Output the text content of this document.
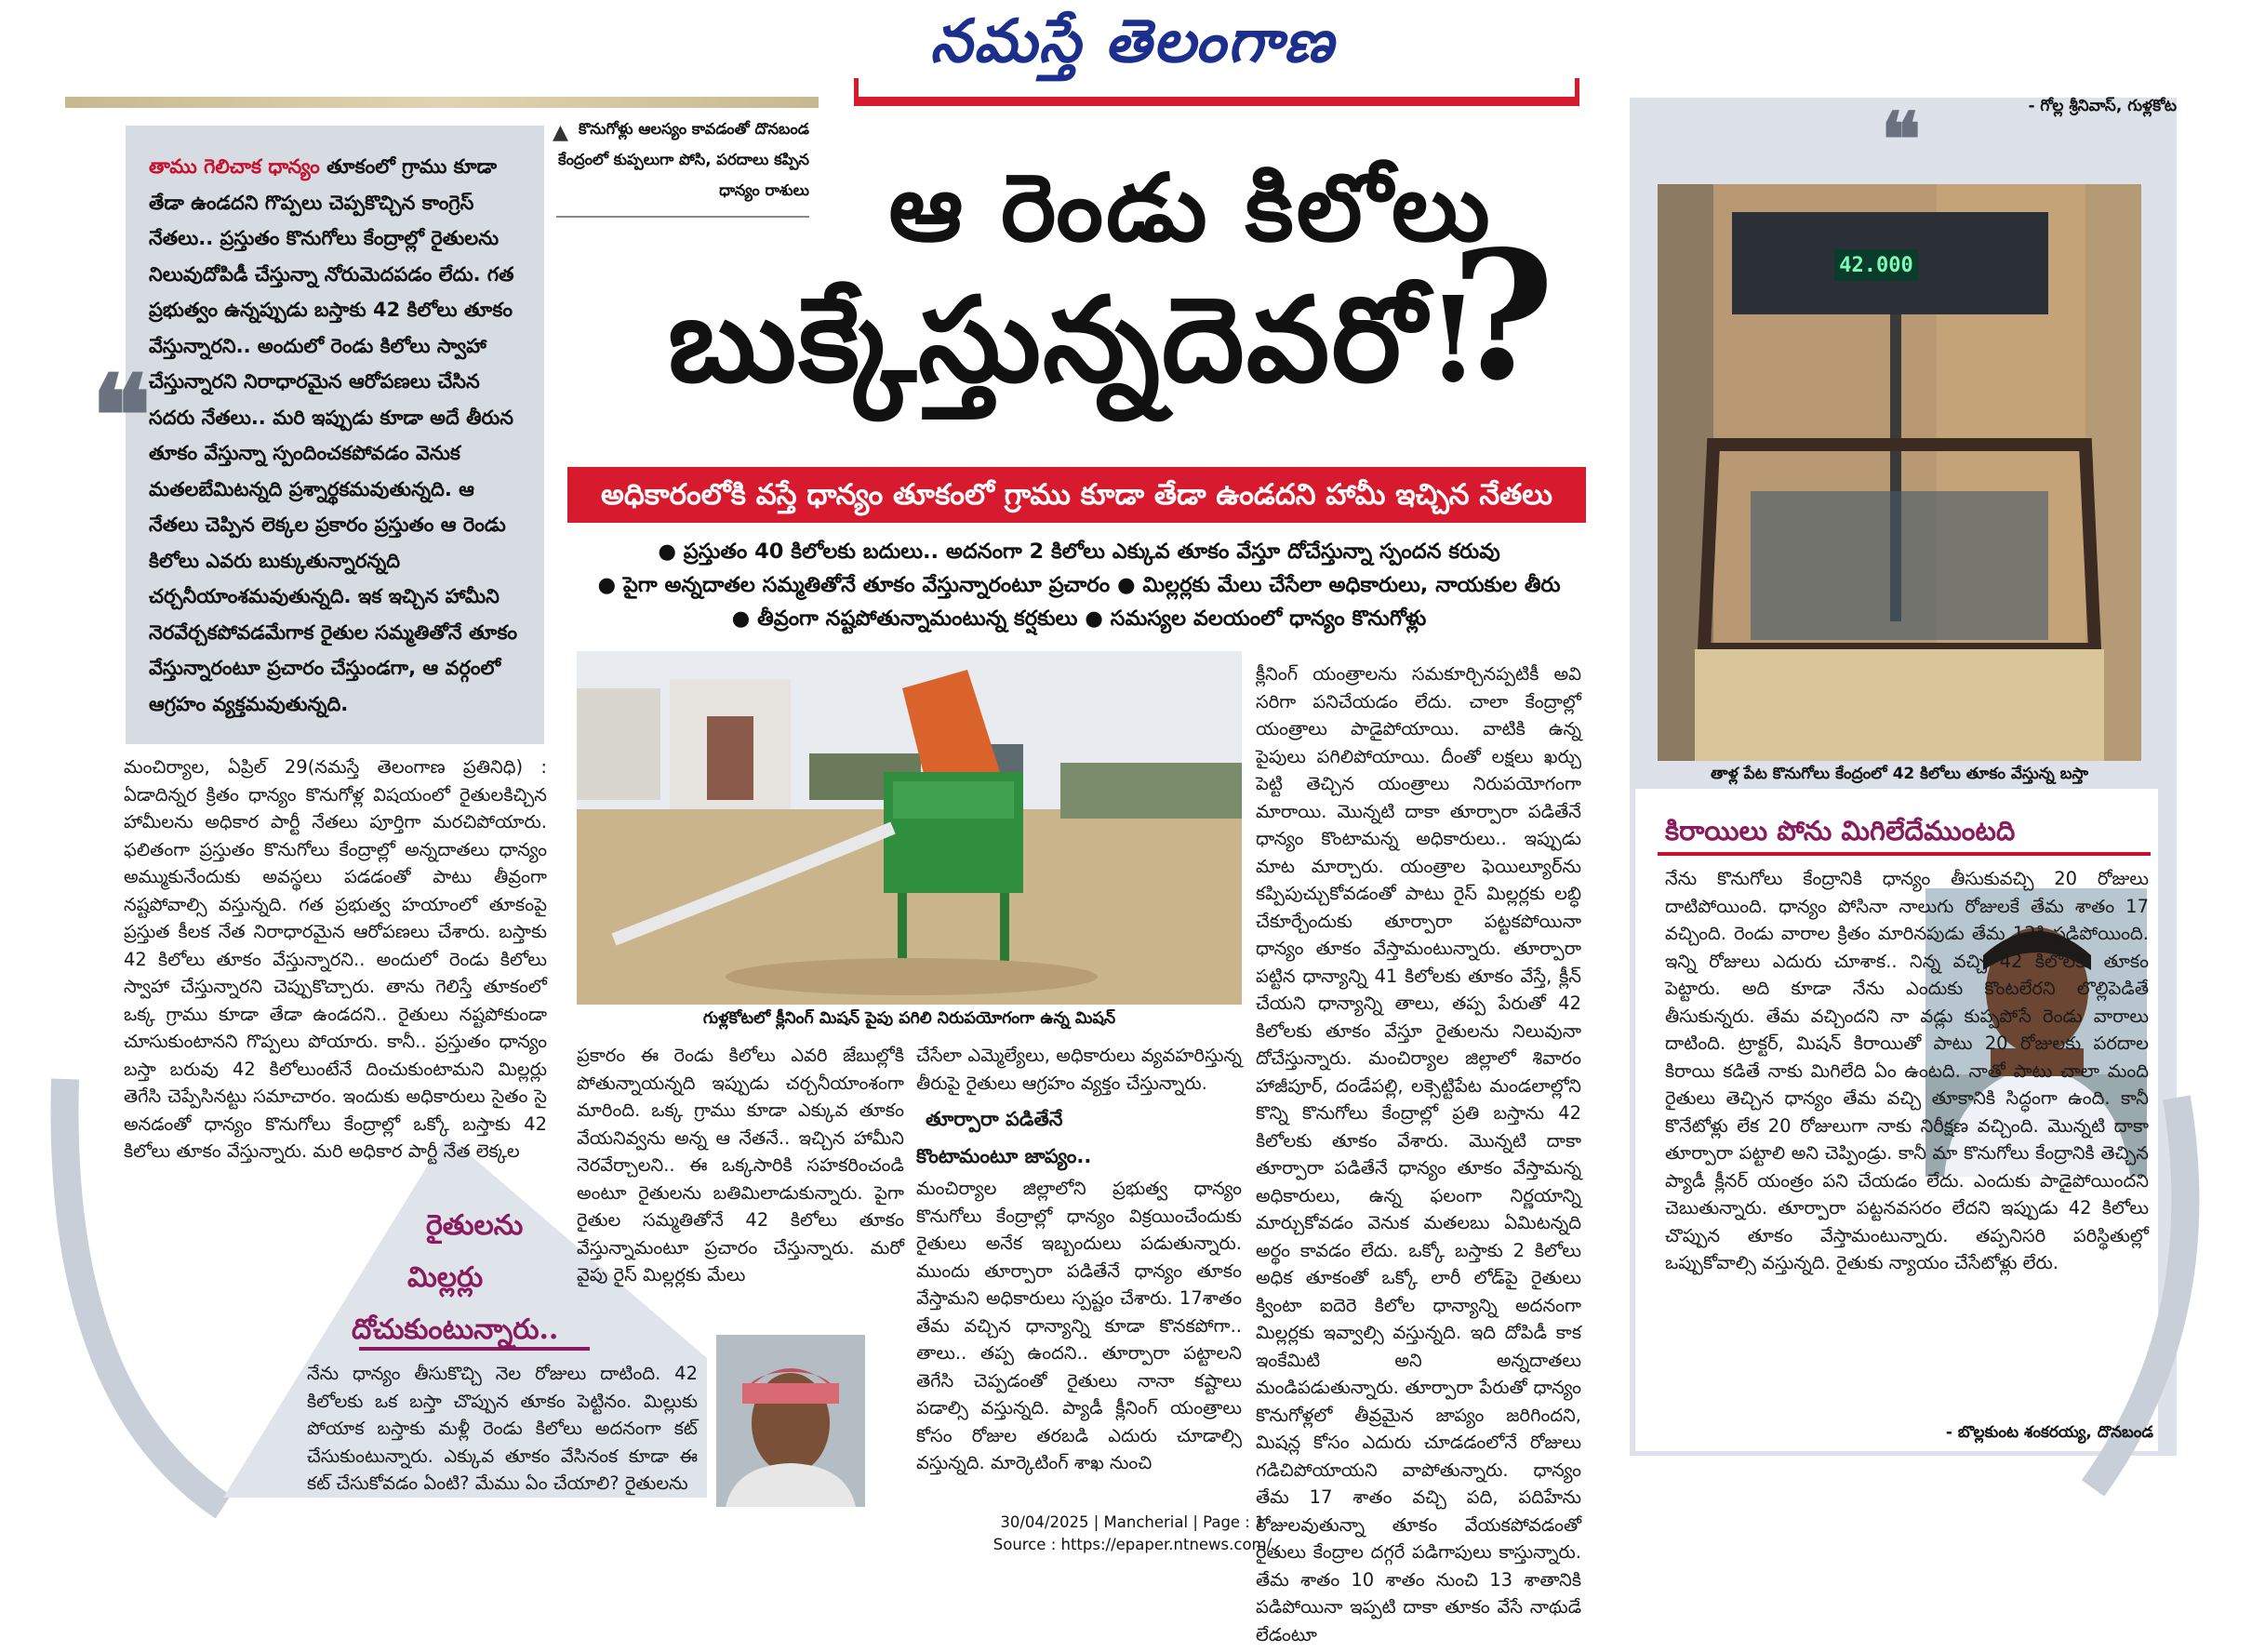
నమస్తే తెలంగాణ
తాము గెలిచాక ధాన్యం తూకంలో గ్రాము కూడా తేడా ఉండదని గొప్పలు చెప్పకొచ్చిన కాంగ్రెస్ నేతలు.. ప్రస్తుతం కొనుగోలు కేంద్రాల్లో రైతులను నిలువుదోపిడీ చేస్తున్నా నోరుమెదపడం లేదు. గత ప్రభుత్వం ఉన్నప్పుడు బస్తాకు 42 కిలోలు తూకం వేస్తున్నారని.. అందులో రెండు కిలోలు స్వాహా చేస్తున్నారని నిరాధారమైన ఆరోపణలు చేసిన సదరు నేతలు.. మరి ఇప్పుడు కూడా అదే తీరున తూకం వేస్తున్నా స్పందించకపోవడం వెనుక మతలబేమిటన్నది ప్రశ్నార్థకమవుతున్నది. ఆ నేతలు చెప్పిన లెక్కల ప్రకారం ప్రస్తుతం ఆ రెండు కిలోలు ఎవరు బుక్కుతున్నారన్నది చర్చనీయాంశమవుతున్నది. ఇక ఇచ్చిన హామీని నెరవేర్చకపోవడమేగాక రైతుల సమ్మతితోనే తూకం వేస్తున్నారంటూ ప్రచారం చేస్తుండగా, ఆ వర్గంలో ఆగ్రహం వ్యక్తమవుతున్నది.
❝
❝
▲ కొనుగోళ్లు ఆలస్యం కావడంతో దొనబండ కేంద్రంలో కుప్పలుగా పోసి, పరదాలు కప్పిన ధాన్యం రాశులు ఆ రెండు కిలోలు
బుక్కేస్తున్నదెవరో!
?
అధికారంలోకి వస్తే ధాన్యం తూకంలో గ్రాము కూడా తేడా ఉండదని హామీ ఇచ్చిన నేతలు
● ప్రస్తుతం 40 కిలోలకు బదులు.. అదనంగా 2 కిలోలు ఎక్కువ తూకం వేస్తూ దోచేస్తున్నా స్పందన కరువు
● పైగా అన్నదాతల సమ్మతితోనే తూకం వేస్తున్నారంటూ ప్రచారం ● మిల్లర్లకు మేలు చేసేలా అధికారులు, నాయకుల తీరు
● తీవ్రంగా నష్టపోతున్నామంటున్న కర్షకులు ● సమస్యల వలయంలో ధాన్యం కొనుగోళ్లు
గుళ్లకోటలో క్లీనింగ్ మిషన్ పైపు పగిలి నిరుపయోగంగా ఉన్న మిషన్

మంచిర్యాల, ఏప్రిల్ 29(నమస్తే తెలంగాణ ప్రతినిధి) : ఏడాదిన్నర క్రితం ధాన్యం కొనుగోళ్ల విషయంలో రైతులకిచ్చిన హామీలను అధికార పార్టీ నేతలు పూర్తిగా మరచిపోయారు. ఫలితంగా ప్రస్తుతం కొనుగోలు కేంద్రాల్లో అన్నదాతలు ధాన్యం అమ్ముకునేందుకు అవస్థలు పడడంతో పాటు తీవ్రంగా నష్టపోవాల్సి వస్తున్నది. గత ప్రభుత్వ హయాంలో తూకంపై ప్రస్తుత కీలక నేత నిరాధారమైన ఆరోపణలు చేశారు. బస్తాకు 42 కిలోలు తూకం వేస్తున్నారని.. అందులో రెండు కిలోలు స్వాహా చేస్తున్నారని చెప్పుకొచ్చారు. తాను గెలిస్తే తూకంలో ఒక్క గ్రాము కూడా తేడా ఉండదని.. రైతులు నష్టపోకుండా చూసుకుంటానని గొప్పలు పోయారు. కానీ.. ప్రస్తుతం ధాన్యం బస్తా బరువు 42 కిలోలుంటేనే దించుకుంటామని మిల్లర్లు తెగేసి చెప్పేసినట్టు సమాచారం. ఇందుకు అధికారులు సైతం సై అనడంతో ధాన్యం కొనుగోలు కేంద్రాల్లో ఒక్కో బస్తాకు 42 కిలోలు తూకం వేస్తున్నారు. మరి అధికార పార్టీ నేత లెక్కల

ప్రకారం ఈ రెండు కిలోలు ఎవరి జేబుల్లోకి పోతున్నాయన్నది ఇప్పుడు చర్చనీయాంశంగా మారింది. ఒక్క గ్రాము కూడా ఎక్కువ తూకం వేయనివ్వను అన్న ఆ నేతనే.. ఇచ్చిన హామీని నెరవేర్చాలని.. ఈ ఒక్కసారికి సహకరించండి అంటూ రైతులను బతిమిలాడుకున్నారు. పైగా రైతుల సమ్మతితోనే 42 కిలోలు తూకం వేస్తున్నామంటూ ప్రచారం చేస్తున్నారు. మరో వైపు రైస్ మిల్లర్లకు మేలు

చేసేలా ఎమ్మెల్యేలు, అధికారులు వ్యవహరిస్తున్న తీరుపై రైతులు ఆగ్రహం వ్యక్తం చేస్తున్నారు.

తూర్పారా పడితేనే
కొంటామంటూ జాప్యం..

మంచిర్యాల జిల్లాలోని ప్రభుత్వ ధాన్యం కొనుగోలు కేంద్రాల్లో ధాన్యం విక్రయించేందుకు రైతులు అనేక ఇబ్బందులు పడుతున్నారు. ముందు తూర్పారా పడితేనే ధాన్యం తూకం వేస్తామని అధికారులు స్పష్టం చేశారు. 17శాతం తేమ వచ్చిన ధాన్యాన్ని కూడా కొనకపోగా.. తాలు.. తప్ప ఉందని.. తూర్పారా పట్టాలని తెగేసి చెప్పడంతో రైతులు నానా కష్టాలు పడాల్సి వస్తున్నది. ప్యాడీ క్లీనింగ్ యంత్రాలు కోసం రోజుల తరబడి ఎదురు చూడాల్సి వస్తున్నది. మార్కెటింగ్ శాఖ నుంచి

క్లీనింగ్ యంత్రాలను సమకూర్చినప్పటికీ అవి సరిగా పనిచేయడం లేదు. చాలా కేంద్రాల్లో యంత్రాలు పాడైపోయాయి. వాటికి ఉన్న పైపులు పగిలిపోయాయి. దీంతో లక్షలు ఖర్చు పెట్టి తెచ్చిన యంత్రాలు నిరుపయోగంగా మారాయి. మొన్నటి దాకా తూర్పారా పడితేనే ధాన్యం కొంటామన్న అధికారులు.. ఇప్పుడు మాట మార్చారు. యంత్రాల ఫెయిల్యూర్‌ను కప్పిపుచ్చుకోవడంతో పాటు రైస్ మిల్లర్లకు లబ్ధి చేకూర్చేందుకు తూర్పారా పట్టకపోయినా ధాన్యం తూకం వేస్తామంటున్నారు. తూర్పారా పట్టిన ధాన్యాన్ని 41 కిలోలకు తూకం వేస్తే, క్లీన్ చేయని ధాన్యాన్ని తాలు, తప్ప పేరుతో 42 కిలోలకు తూకం వేస్తూ రైతులను నిలువునా దోచేస్తున్నారు. మంచిర్యాల జిల్లాలో శివారం హాజీపూర్, దండేపల్లి, లక్సెట్టిపేట మండలాల్లోని కొన్ని కొనుగోలు కేంద్రాల్లో ప్రతి బస్తాను 42 కిలోలకు తూకం వేశారు. మొన్నటి దాకా తూర్పారా పడితేనే ధాన్యం తూకం వేస్తామన్న అధికారులు, ఉన్న ఫలంగా నిర్ణయాన్ని మార్చుకోవడం వెనుక మతలబు ఏమిటన్నది అర్థం కావడం లేదు. ఒక్కో బస్తాకు 2 కిలోలు అధిక తూకంతో ఒక్కో లారీ లోడ్‌పై రైతులు క్వింటా ఐదెరె కిలోల ధాన్యాన్ని అదనంగా మిల్లర్లకు ఇవ్వాల్సి వస్తున్నది. ఇది దోపిడీ కాక ఇంకేమిటి అని అన్నదాతలు మండిపడుతున్నారు. తూర్పారా పేరుతో ధాన్యం కొనుగోళ్లలో తీవ్రమైన జాప్యం జరిగిందని, మిషన్ల కోసం ఎదురు చూడడంలోనే రోజులు గడిచిపోయాయని వాపోతున్నారు. ధాన్యం తేమ 17 శాతం వచ్చి పది, పదిహేను రోజులవుతున్నా తూకం వేయకపోవడంతో రైతులు కేంద్రాల దగ్గరే పడిగాపులు కాస్తున్నారు. తేమ శాతం 10 శాతం నుంచి 13 శాతానికి పడిపోయినా ఇప్పటి దాకా తూకం వేసే నాథుడే లేడంటూ

- గోల్ల శ్రీనివాస్, గుళ్లకోట
42.000
తాళ్ల పేట కొనుగోలు కేంద్రంలో 42 కిలోలు తూకం వేస్తున్న బస్తా
కిరాయిలు పోను మిగిలేదేముంటది

నేను కొనుగోలు కేంద్రానికి ధాన్యం తీసుకువచ్చి 20 రోజులు దాటిపోయింది. ధాన్యం పోసినా నాలుగు రోజులకే తేమ శాతం 17 వచ్చింది. రెండు వారాల క్రితం మారినపుడు తేమ 12కి పడిపోయింది. ఇన్ని రోజులు ఎదురు చూశాక.. నిన్న వచ్చి 42 కిలోలకు తూకం పెట్టారు. అది కూడా నేను ఎందుకు కొంటలేరని లొల్లిపెడితే తీసుకున్నరు. తేమ వచ్చిందని నా వడ్లు కుప్పపోసే రెండు వారాలు దాటింది. ట్రాక్టర్, మిషన్ కిరాయితో పాటు 20 రోజులకు పరదాల కిరాయి కడితే నాకు మిగిలేది ఏం ఉంటది. నాతో పాటు చాలా మంది రైతులు తెచ్చిన ధాన్యం తేమ వచ్చి తూకానికి సిద్ధంగా ఉంది. కానీ కొనేటోళ్లు లేక 20 రోజులుగా నాకు నిరీక్షణ వచ్చింది. మొన్నటి దాకా తూర్పారా పట్టాలి అని చెప్పిండ్రు. కానీ మా కొనుగోలు కేంద్రానికి తెచ్చిన ప్యాడీ క్లీనర్ యంత్రం పని చేయడం లేదు. ఎందుకు పాడైపోయిందని చెబుతున్నారు. తూర్పారా పట్టనవసరం లేదని ఇప్పుడు 42 కిలోలు చొప్పున తూకం వేస్తామంటున్నారు. తప్పనిసరి పరిస్థితుల్లో ఒప్పుకోవాల్సి వస్తున్నది. రైతుకు న్యాయం చేసేటోళ్లు లేరు.

- బొల్లకుంట శంకరయ్య, దొనబండ
రైతులను
మిల్లర్లు
దోచుకుంటున్నారు..

నేను ధాన్యం తీసుకొచ్చి నెల రోజులు దాటింది. 42 కిలోలకు ఒక బస్తా చొప్పున తూకం పెట్టినం. మిల్లుకు పోయాక బస్తాకు మళ్లీ రెండు కిలోలు అదనంగా కట్ చేసుకుంటున్నారు. ఎక్కువ తూకం వేసినంక కూడా ఈ కట్ చేసుకోవడం ఏంటి? మేము ఏం చేయాలి? రైతులను

30/04/2025 | Mancherial | Page : 1
Source : https://epaper.ntnews.com/
